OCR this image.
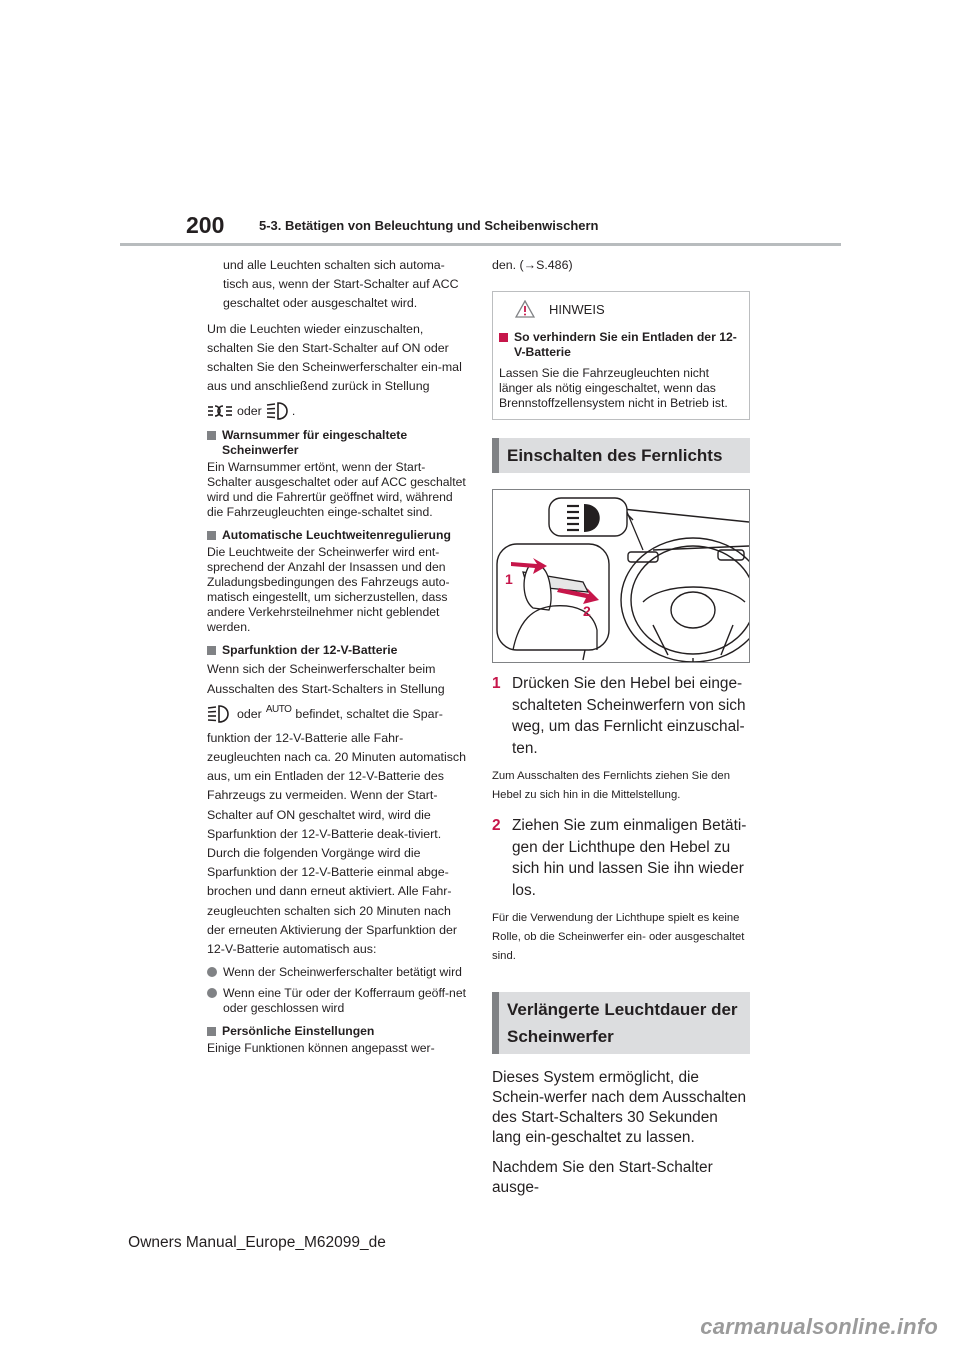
200	5-3. Betätigen von Beleuchtung und Scheibenwischern

und alle Leuchten schalten sich automa-tisch aus, wenn der Start-Schalter auf ACC geschaltet oder ausgeschaltet wird.

Um die Leuchten wieder einzuschalten, schalten Sie den Start-Schalter auf ON oder schalten Sie den Scheinwerferschalter ein-mal aus und anschließend zurück in Stellung

oder .
Warnsummer für eingeschaltete Scheinwerfer

Ein Warnsummer ertönt, wenn der Start-Schalter ausgeschaltet oder auf ACC geschaltet wird und die Fahrertür geöffnet wird, während die Fahrzeugleuchten einge-schaltet sind.

Automatische Leuchtweitenregulierung

Die Leuchtweite der Scheinwerfer wird ent-sprechend der Anzahl der Insassen und den Zuladungsbedingungen des Fahrzeugs auto-matisch eingestellt, um sicherzustellen, dass andere Verkehrsteilnehmer nicht geblendet werden.

Sparfunktion der 12-V-Batterie

Wenn sich der Scheinwerferschalter beim Ausschalten des Start-Schalters in Stellung

oder AUTO befindet, schaltet die Spar-

funktion der 12-V-Batterie alle Fahr-zeugleuchten nach ca. 20 Minuten automatisch aus, um ein Entladen der 12-V-Batterie des Fahrzeugs zu vermeiden. Wenn der Start-Schalter auf ON geschaltet wird, wird die Sparfunktion der 12-V-Batterie deak-tiviert. Durch die folgenden Vorgänge wird die Sparfunktion der 12-V-Batterie einmal abge-brochen und dann erneut aktiviert. Alle Fahr-zeugleuchten schalten sich 20 Minuten nach der erneuten Aktivierung der Sparfunktion der 12-V-Batterie automatisch aus:

Wenn der Scheinwerferschalter betätigt wird
Wenn eine Tür oder der Kofferraum geöff-net oder geschlossen wird
Persönliche Einstellungen

Einige Funktionen können angepasst wer-

den. (→S.486)

HINWEIS
So verhindern Sie ein Entladen der 12-V-Batterie

Lassen Sie die Fahrzeugleuchten nicht länger als nötig eingeschaltet, wenn das Brennstoffzellensystem nicht in Betrieb ist.

Einschalten des Fernlichts
1
2
1 Drücken Sie den Hebel bei einge-schalteten Scheinwerfern von sich weg, um das Fernlicht einzuschal-ten.

Zum Ausschalten des Fernlichts ziehen Sie den Hebel zu sich hin in die Mittelstellung.

2 Ziehen Sie zum einmaligen Betäti-gen der Lichthupe den Hebel zu sich hin und lassen Sie ihn wieder los.

Für die Verwendung der Lichthupe spielt es keine Rolle, ob die Scheinwerfer ein- oder ausgeschaltet sind.

Verlängerte Leuchtdauer der Scheinwerfer

Dieses System ermöglicht, die Schein-werfer nach dem Ausschalten des Start-Schalters 30 Sekunden lang ein-geschaltet zu lassen.

Nachdem Sie den Start-Schalter ausge-

Owners Manual_Europe_M62099_de
carmanualsonline.info
